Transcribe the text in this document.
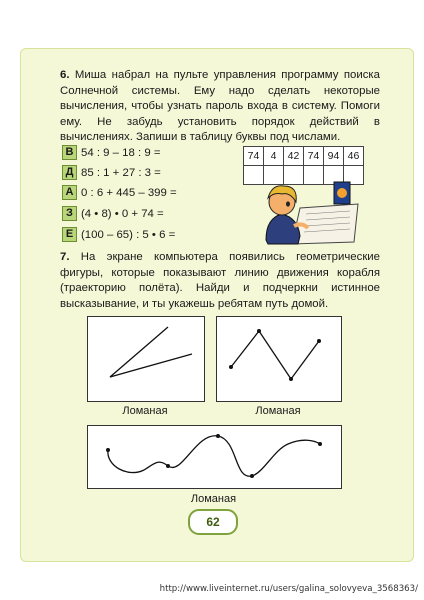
6. Миша набрал на пульте управления программу поиска Солнечной системы. Ему надо сделать некоторые вычисления, чтобы узнать пароль входа в систему. Помоги ему. Не забудь установить порядок действий в вычислениях. Запиши в таблицу буквы под числами.
В 54 : 9 – 18 : 9 =
Д 85 : 1 + 27 : 3 =
А 0 : 6 + 445 – 399 =
З (4 • 8) • 0 + 74 =
Е (100 – 65) : 5 • 6 =
74	4	42	74	94	46

7. На экране компьютера появились геометрические фигуры, которые показывают линию движения корабля (траекторию полёта). Найди и подчеркни истинное высказывание, и ты укажешь ребятам путь домой.
Ломаная	Ломаная
Ломаная
62
http://www.liveinternet.ru/users/galina_solovyeva_3568363/
